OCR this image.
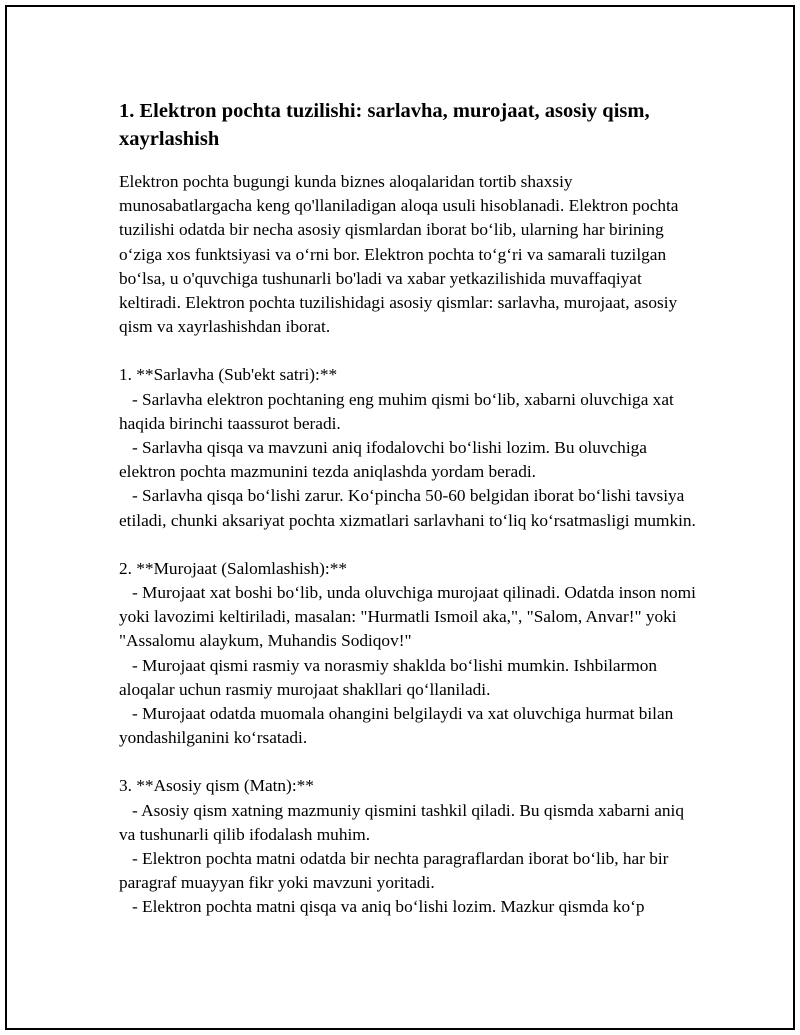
1. Elektron pochta tuzilishi: sarlavha, murojaat, asosiy qism, xayrlashish

Elektron pochta bugungi kunda biznes aloqalaridan tortib shaxsiy munosabatlargacha keng qo'llaniladigan aloqa usuli hisoblanadi. Elektron pochta tuzilishi odatda bir necha asosiy qismlardan iborat bo‘lib, ularning har birining o‘ziga xos funktsiyasi va o‘rni bor. Elektron pochta to‘g‘ri va samarali tuzilgan bo‘lsa, u o'quvchiga tushunarli bo'ladi va xabar yetkazilishida muvaffaqiyat keltiradi. Elektron pochta tuzilishidagi asosiy qismlar: sarlavha, murojaat, asosiy qism va xayrlashishdan iborat.

1. **Sarlavha (Sub'ekt satri):**

- Sarlavha elektron pochtaning eng muhim qismi bo‘lib, xabarni oluvchiga xat haqida birinchi taassurot beradi.

- Sarlavha qisqa va mavzuni aniq ifodalovchi bo‘lishi lozim. Bu oluvchiga elektron pochta mazmunini tezda aniqlashda yordam beradi.

- Sarlavha qisqa bo‘lishi zarur. Ko‘pincha 50-60 belgidan iborat bo‘lishi tavsiya etiladi, chunki aksariyat pochta xizmatlari sarlavhani to‘liq ko‘rsatmasligi mumkin.

2. **Murojaat (Salomlashish):**

- Murojaat xat boshi bo‘lib, unda oluvchiga murojaat qilinadi. Odatda inson nomi yoki lavozimi keltiriladi, masalan: "Hurmatli Ismoil aka,", "Salom, Anvar!" yoki "Assalomu alaykum, Muhandis Sodiqov!"

- Murojaat qismi rasmiy va norasmiy shaklda bo‘lishi mumkin. Ishbilarmon aloqalar uchun rasmiy murojaat shakllari qo‘llaniladi.

- Murojaat odatda muomala ohangini belgilaydi va xat oluvchiga hurmat bilan yondashilganini ko‘rsatadi.

3. **Asosiy qism (Matn):**

- Asosiy qism xatning mazmuniy qismini tashkil qiladi. Bu qismda xabarni aniq va tushunarli qilib ifodalash muhim.

- Elektron pochta matni odatda bir nechta paragraflardan iborat bo‘lib, har bir paragraf muayyan fikr yoki mavzuni yoritadi.

- Elektron pochta matni qisqa va aniq bo‘lishi lozim. Mazkur qismda ko‘p
